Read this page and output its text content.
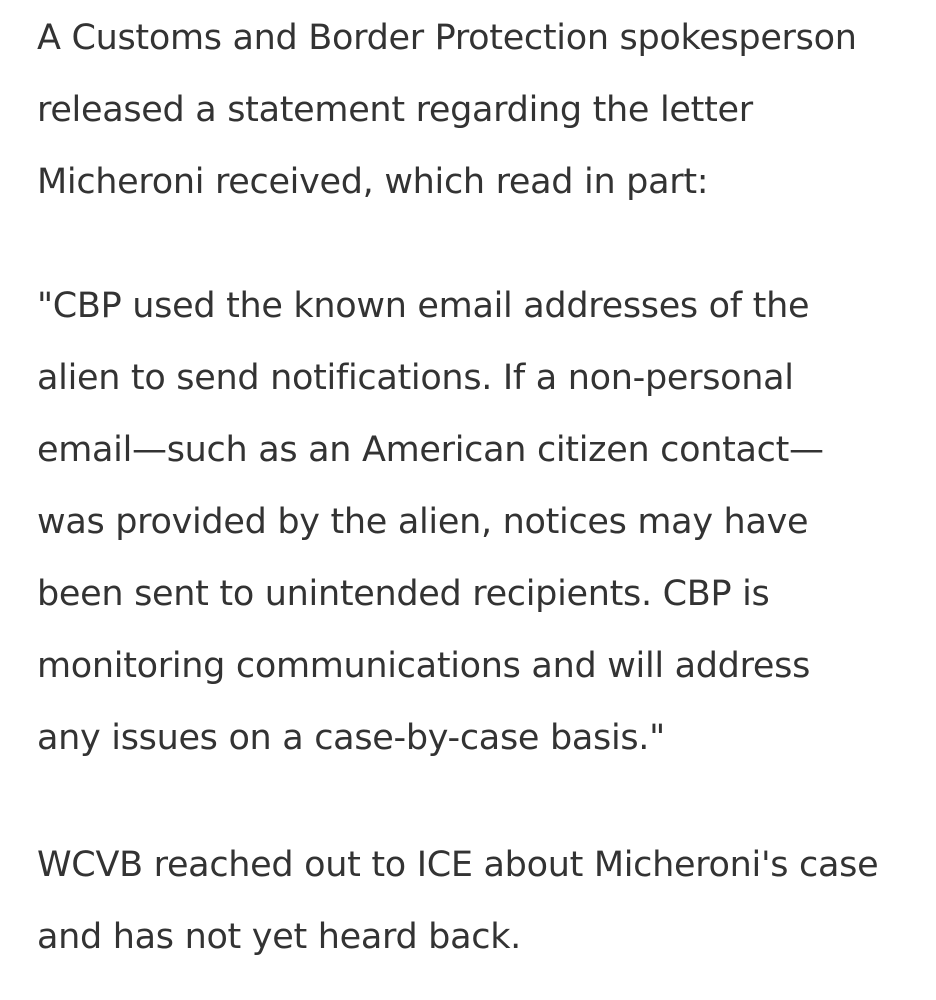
A Customs and Border Protection spokesperson
released a statement regarding the letter
Micheroni received, which read in part:

"CBP used the known email addresses of the
alien to send notifications. If a non-personal
email—such as an American citizen contact—
was provided by the alien, notices may have
been sent to unintended recipients. CBP is
monitoring communications and will address
any issues on a case-by-case basis."

WCVB reached out to ICE about Micheroni's case
and has not yet heard back.
